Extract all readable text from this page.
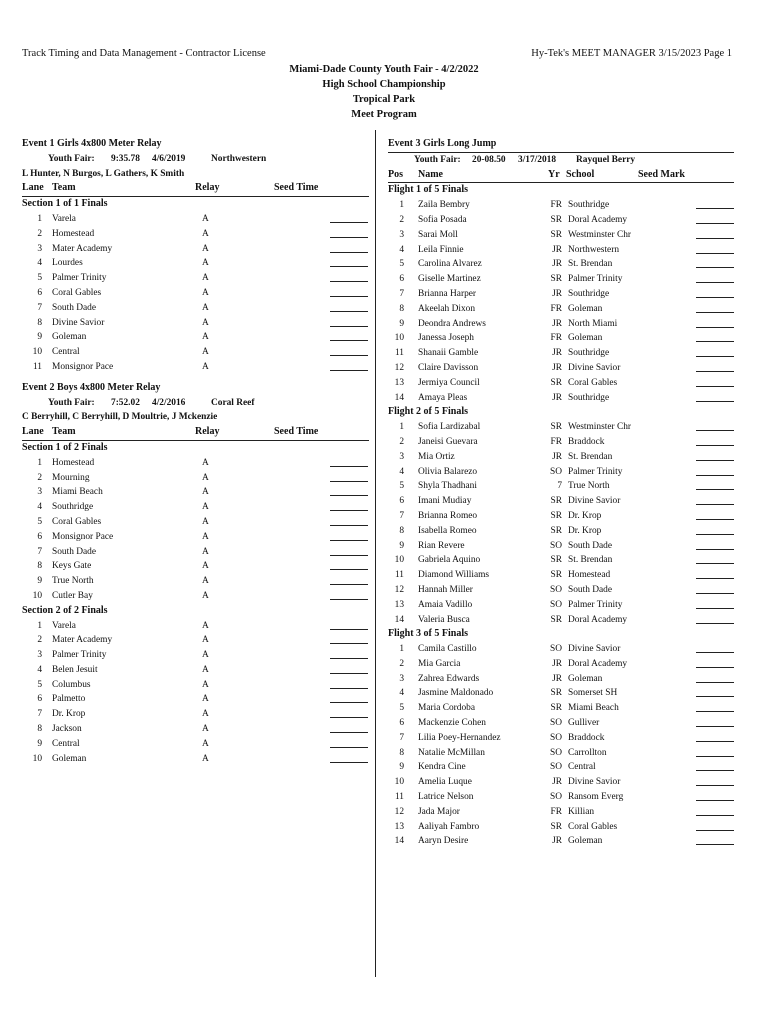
Track Timing and Data Management - Contractor License	Hy-Tek's MEET MANAGER 3/15/2023 Page 1
Miami-Dade County Youth Fair - 4/2/2022
High School Championship
Tropical Park
Meet Program
Event 1 Girls 4x800 Meter Relay
Youth Fair: 9:35.78 4/6/2019	Northwestern
L Hunter, N Burgos, L Gathers, K Smith
Lane Team	Relay	Seed Time
Section 1 of 1 Finals
1 Varela	A
2 Homestead	A
3 Mater Academy	A
4 Lourdes	A
5 Palmer Trinity	A
6 Coral Gables	A
7 South Dade	A
8 Divine Savior	A
9 Goleman	A
10 Central	A
11 Monsignor Pace	A
Event 2 Boys 4x800 Meter Relay
Youth Fair: 7:52.02 4/2/2016	Coral Reef
C Berryhill, C Berryhill, D Moultrie, J Mckenzie
Lane Team	Relay	Seed Time
Section 1 of 2 Finals
1 Homestead	A
2 Mourning	A
3 Miami Beach	A
4 Southridge	A
5 Coral Gables	A
6 Monsignor Pace	A
7 South Dade	A
8 Keys Gate	A
9 True North	A
10 Cutler Bay	A
Section 2 of 2 Finals
1 Varela	A
2 Mater Academy	A
3 Palmer Trinity	A
4 Belen Jesuit	A
5 Columbus	A
6 Palmetto	A
7 Dr. Krop	A
8 Jackson	A
9 Central	A
10 Goleman	A
Event 3 Girls Long Jump
Youth Fair: 20-08.50 3/17/2018 Rayquel Berry
Pos Name	Yr School	Seed Mark
Flight 1 of 5 Finals
1 Zaila Bembry	FR Southridge
2 Sofia Posada	SR Doral Academy
3 Sarai Moll	SR Westminster Chr
4 Leila Finnie	JR Northwestern
5 Carolina Alvarez	JR St. Brendan
6 Giselle Martinez	SR Palmer Trinity
7 Brianna Harper	JR Southridge
8 Akeelah Dixon	FR Goleman
9 Deondra Andrews	JR North Miami
10 Janessa Joseph	FR Goleman
11 Shanaii Gamble	JR Southridge
12 Claire Davisson	JR Divine Savior
13 Jermiya Council	SR Coral Gables
14 Amaya Pleas	JR Southridge
Flight 2 of 5 Finals
1 Sofia Lardizabal	SR Westminster Chr
2 Janeisi Guevara	FR Braddock
3 Mia Ortiz	JR St. Brendan
4 Olivia Balarezo	SO Palmer Trinity
5 Shyla Thadhani	7 True North
6 Imani Mudiay	SR Divine Savior
7 Brianna Romeo	SR Dr. Krop
8 Isabella Romeo	SR Dr. Krop
9 Rian Revere	SO South Dade
10 Gabriela Aquino	SR St. Brendan
11 Diamond Williams	SR Homestead
12 Hannah Miller	SO South Dade
13 Amaia Vadillo	SO Palmer Trinity
14 Valeria Busca	SR Doral Academy
Flight 3 of 5 Finals
1 Camila Castillo	SO Divine Savior
2 Mia Garcia	JR Doral Academy
3 Zahrea Edwards	JR Goleman
4 Jasmine Maldonado	SR Somerset SH
5 Maria Cordoba	SR Miami Beach
6 Mackenzie Cohen	SO Gulliver
7 Lilia Poey-Hernandez	SO Braddock
8 Natalie McMillan	SO Carrollton
9 Kendra Cine	SO Central
10 Amelia Luque	JR Divine Savior
11 Latrice Nelson	SO Ransom Everg
12 Jada Major	FR Killian
13 Aaliyah Fambro	SR Coral Gables
14 Aaryn Desire	JR Goleman
